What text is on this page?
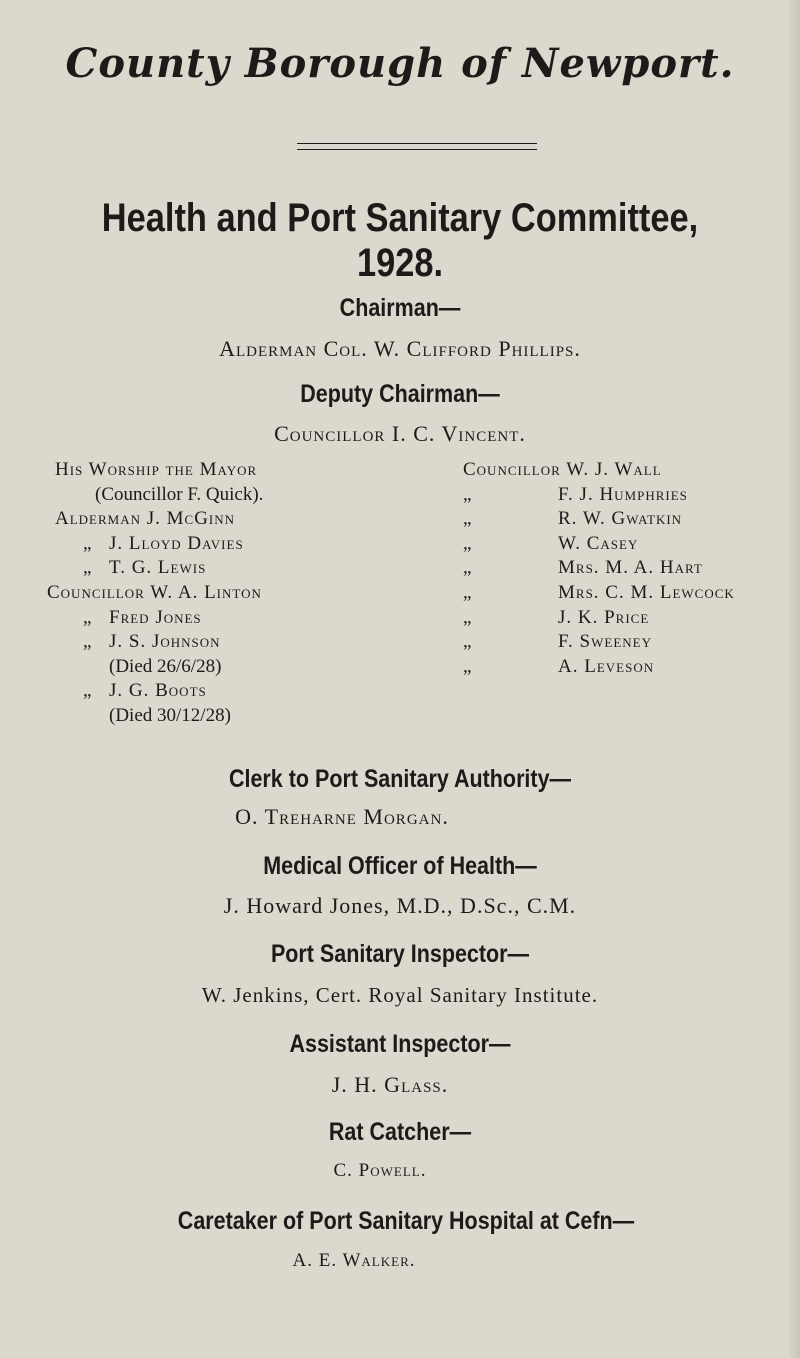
County Borough of Newport.
Health and Port Sanitary Committee, 1928.
Chairman—
Alderman Col. W. Clifford Phillips.
Deputy Chairman—
Councillor I. C. Vincent.
His Worship the Mayor
(Councillor F. Quick).
Alderman J. McGinn
„ J. Lloyd Davies
„ T. G. Lewis
Councillor W. A. Linton
„ Fred Jones
„ J. S. Johnson
(Died 26/6/28)
„ J. G. Boots
(Died 30/12/28)
Councillor W. J. Wall
„	F. J. Humphries
„	R. W. Gwatkin
„	W. Casey
„	Mrs. M. A. Hart
„	Mrs. C. M. Lewcock
„	J. K. Price
„	F. Sweeney
„	A. Leveson
Clerk to Port Sanitary Authority—
O. Treharne Morgan.
Medical Officer of Health—
J. Howard Jones, M.D., D.Sc., C.M.
Port Sanitary Inspector—
W. Jenkins, Cert. Royal Sanitary Institute.
Assistant Inspector—
J. H. Glass.
Rat Catcher—
C. Powell.
Caretaker of Port Sanitary Hospital at Cefn—
A. E. Walker.
